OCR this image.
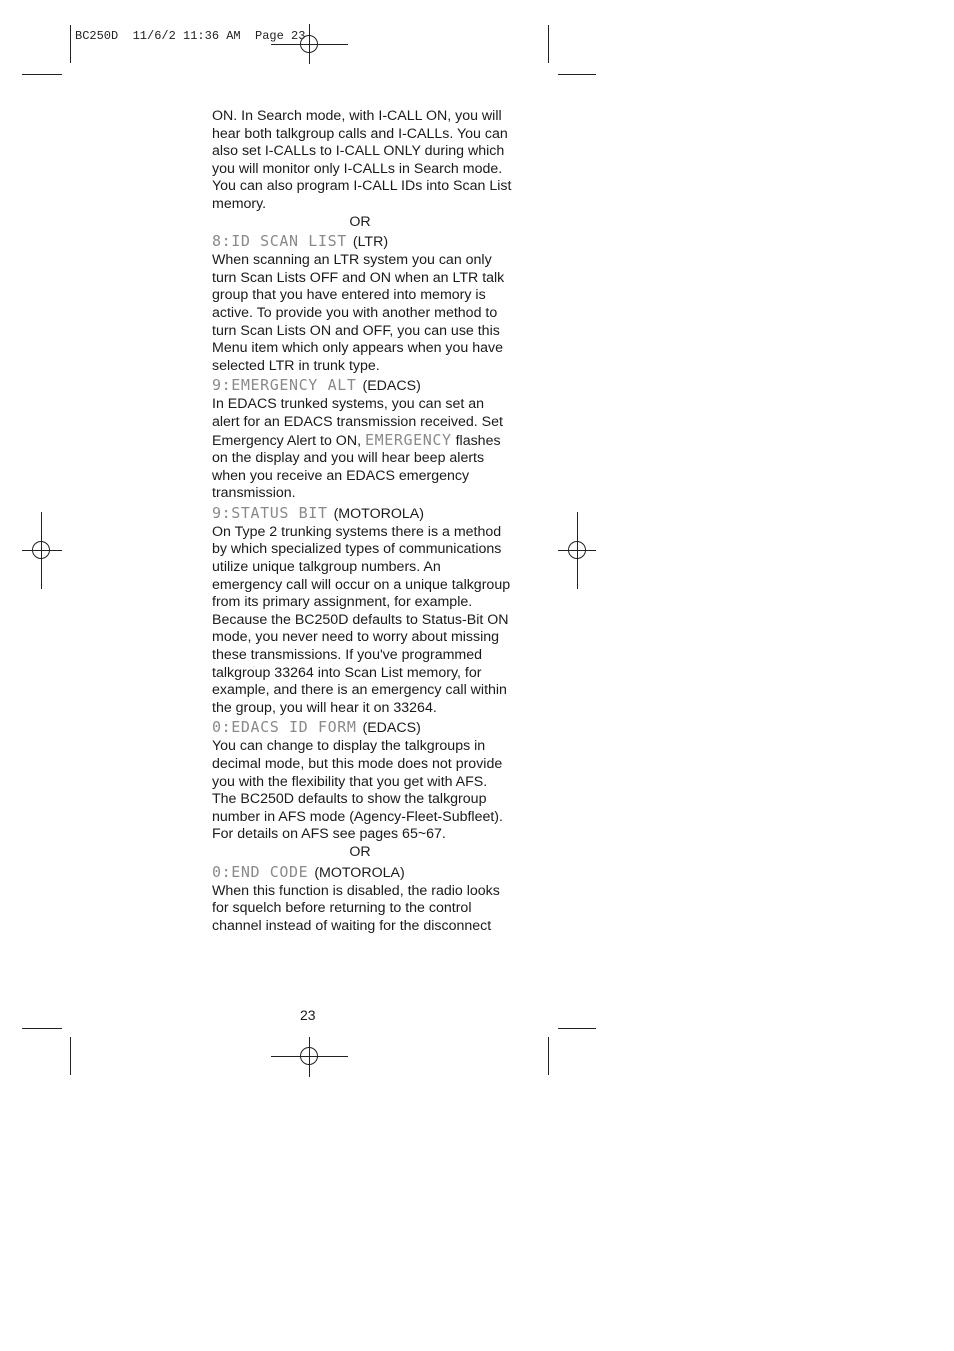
BC250D  11/6/2 11:36 AM  Page 23

ON. In Search mode, with I-CALL ON, you will hear both talkgroup calls and I-CALLs. You can also set I-CALLs to I-CALL ONLY during which you will monitor only I-CALLs in Search mode. You can also program I-CALL IDs into Scan List memory.

OR

8:ID SCAN LIST (LTR)

When scanning an LTR system you can only turn Scan Lists OFF and ON when an LTR talk group that you have entered into memory is active. To provide you with another method to turn Scan Lists ON and OFF, you can use this Menu item which only appears when you have selected LTR in trunk type.

9:EMERGENCY ALT (EDACS)

In EDACS trunked systems, you can set an alert for an EDACS transmission received. Set Emergency Alert to ON, EMERGENCY flashes on the display and you will hear beep alerts when you receive an EDACS emergency transmission.

9:STATUS BIT (MOTOROLA)

On Type 2 trunking systems there is a method by which specialized types of communications utilize unique talkgroup numbers. An emergency call will occur on a unique talkgroup from its primary assignment, for example. Because the BC250D defaults to Status-Bit ON mode, you never need to worry about missing these transmissions. If you've programmed talkgroup 33264 into Scan List memory, for example, and there is an emergency call within the group, you will hear it on 33264.

0:EDACS ID FORM (EDACS)

You can change to display the talkgroups in decimal mode, but this mode does not provide you with the flexibility that you get with AFS. The BC250D defaults to show the talkgroup number in AFS mode (Agency-Fleet-Subfleet). For details on AFS see pages 65~67.

OR

0:END CODE (MOTOROLA)

When this function is disabled, the radio looks for squelch before returning to the control channel instead of waiting for the disconnect

23
